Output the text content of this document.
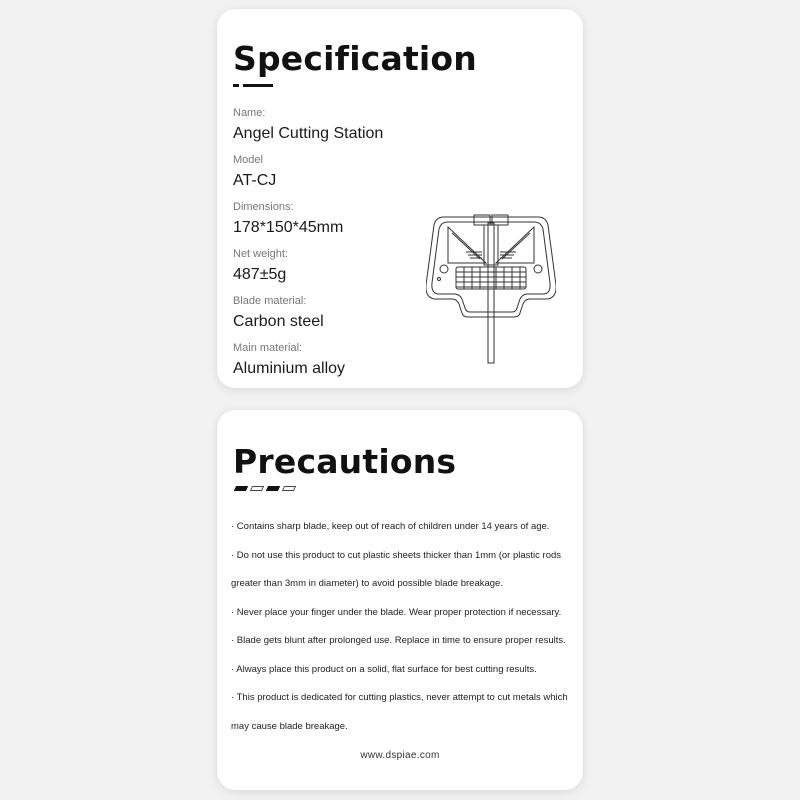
Specification
Name:
Angel Cutting Station
Model
AT-CJ
Dimensions:
178*150*45mm
Net weight:
487±5g
Blade material:
Carbon steel
Main material:
Aluminium alloy
Precautions
· Contains sharp blade, keep out of reach of children under 14 years of age.
· Do not use this product to cut plastic sheets thicker than 1mm (or plastic rods
greater than 3mm in diameter) to avoid possible blade breakage.
· Never place your finger under the blade. Wear proper protection if necessary.
· Blade gets blunt after prolonged use. Replace in time to ensure proper results.
· Always place this product on a solid, flat surface for best cutting results.
· This product is dedicated for cutting plastics, never attempt to cut metals which
may cause blade breakage.
www.dspiae.com
